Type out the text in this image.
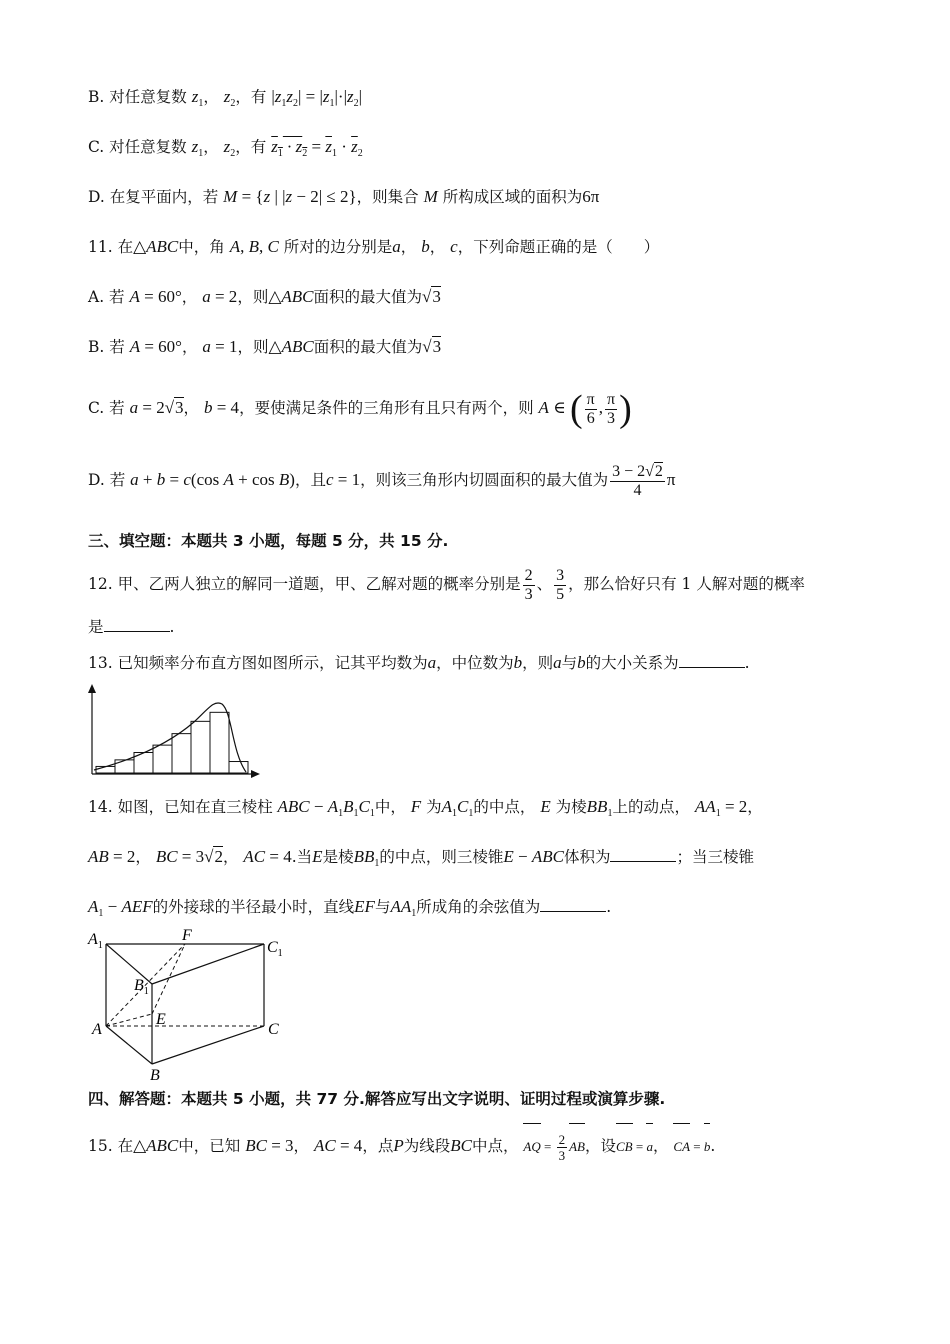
B. 对任意复数 $z_1$， $z_2$，有 $|z_1z_2| = |z_1|\cdot|z_2|$
C. 对任意复数 $z_1$， $z_2$，有 $z_1 \cdot z_2 = \overline{z}_1 \cdot \overline{z}_2$
D. 在复平面内，若 M = {z | |z − 2| ≤ 2}，则集合 M 所构成区域的面积为6π
11. 在△ABC中，角 A, B, C 所对的边分别是a， b， c，下列命题正确的是（　　）
A. 若 A = 60°， a = 2，则△ABC面积的最大值为√3
B. 若 A = 60°， a = 1，则△ABC面积的最大值为√3
C. 若 a = 2√3， b = 4，要使满足条件的三角形有且只有两个，则 A ∈ ( $\frac{\pi}{6}$ , $\frac{\pi}{3}$ )
D. 若 a + b = c(cos A + cos B)，且c = 1，则该三角形内切圆面积的最大值为 $\frac{3 - 2√2}{4}$ π
三、填空题：本题共 3 小题，每题 5 分，共 15 分.
12. 甲、乙两人独立的解同一道题，甲、乙解对题的概率分别是 $\frac{2}{3}$ 、 $\frac{3}{5}$ ，那么恰好只有 1 人解对题的概率
是	.
13. 已知频率分布直方图如图所示，记其平均数为a，中位数为b，则a与b的大小关系为	.
14. 如图，已知在直三棱柱 ABC − $A_1B_1C_1$中， F 为$A_1C_1$的中点， E 为棱$BB_1$上的动点， $AA_1 = 2$，
AB = 2， BC = 3√2， AC = 4.当E是棱$BB_1$的中点，则三棱锥E − ABC体积为	；当三棱锥
$A_1$ − AEF的外接球的半径最小时，直线EF与$AA_1$所成角的余弦值为	.
$A_1$
F
$C_1$
$B_1$
A
E
C
B
四、解答题：本题共 5 小题，共 77 分.解答应写出文字说明、证明过程或演算步骤.
15. 在△ABC中，已知 BC = 3， AC = 4，点P为线段BC中点， AQ = $\frac{2}{3}$ AB，设CB = a， CA = b.
